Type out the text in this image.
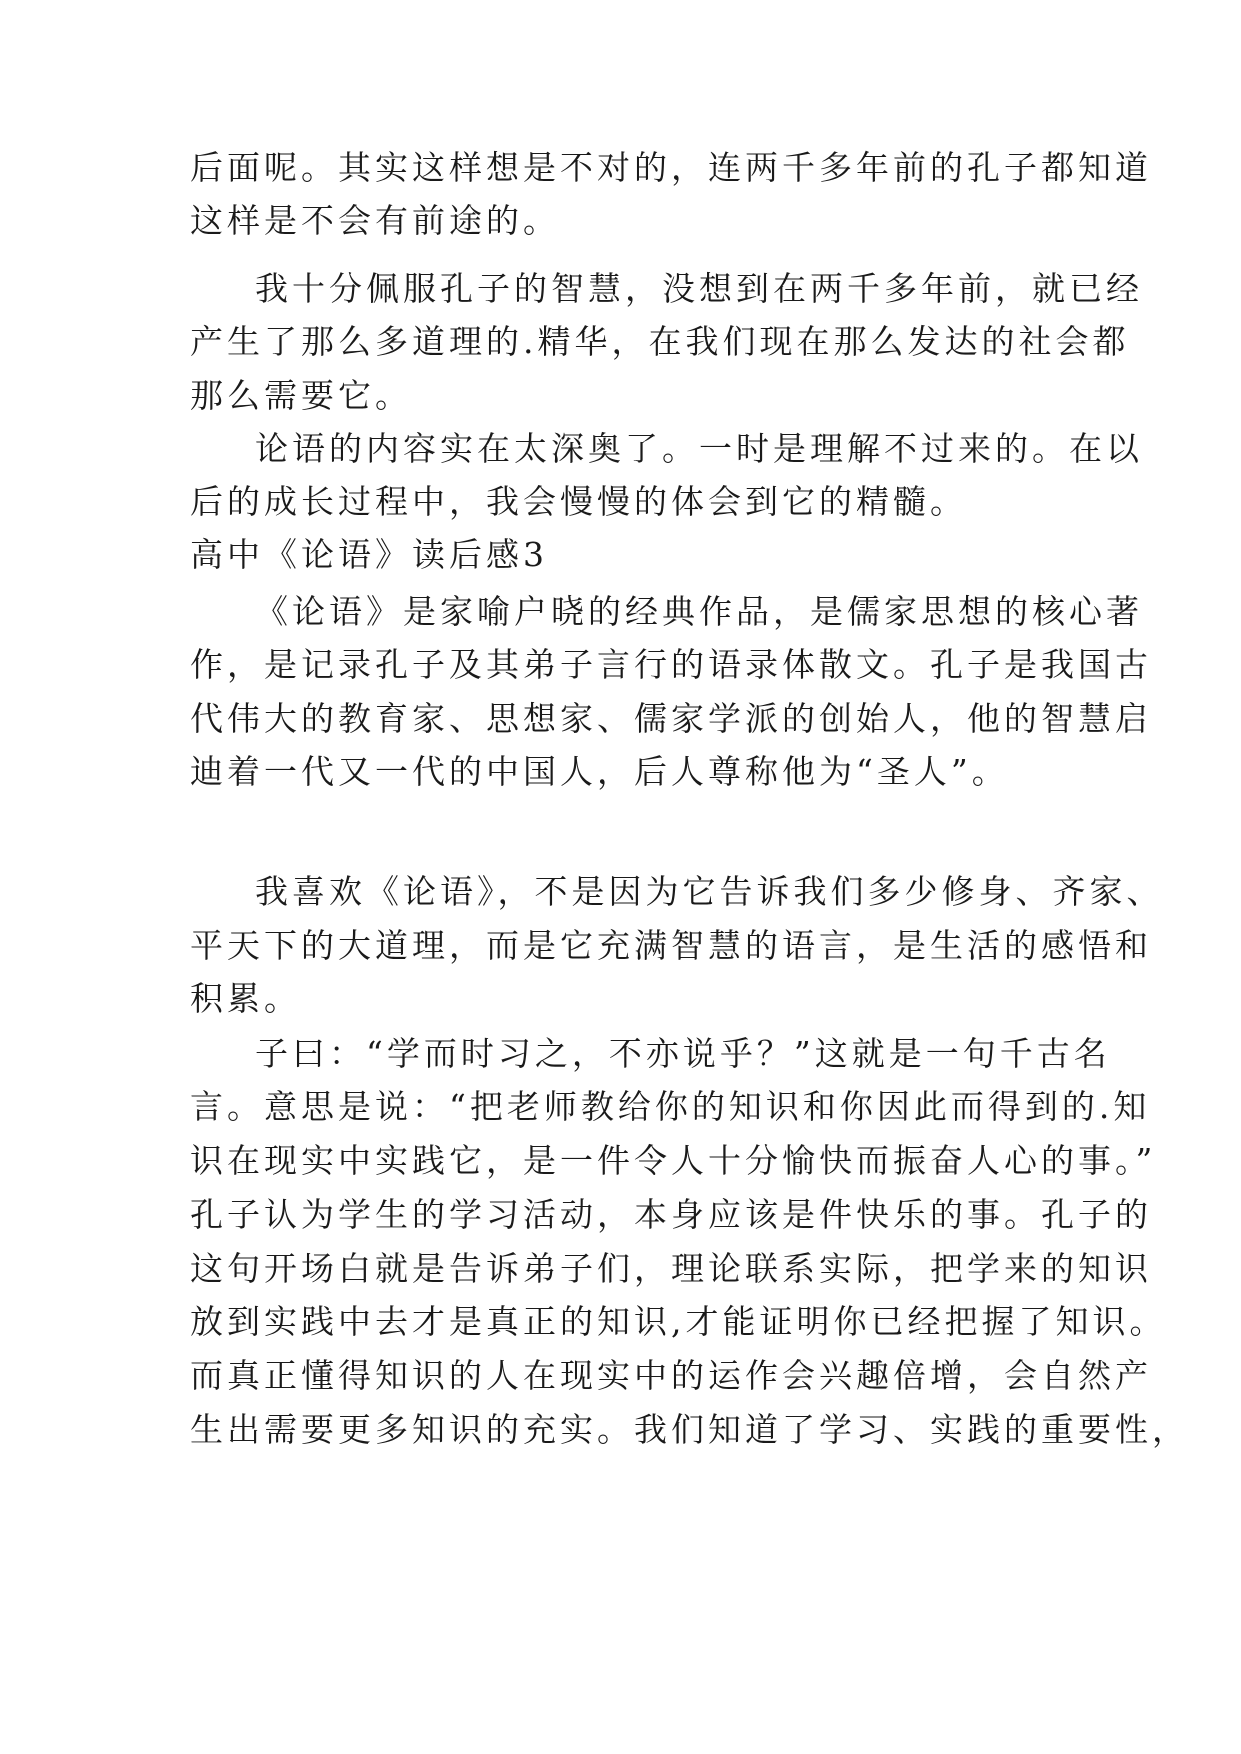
后面呢。其实这样想是不对的，连两千多年前的孔子都知道
这样是不会有前途的。
我十分佩服孔子的智慧，没想到在两千多年前，就已经
产生了那么多道理的.精华，在我们现在那么发达的社会都
那么需要它。
论语的内容实在太深奥了。一时是理解不过来的。在以
后的成长过程中，我会慢慢的体会到它的精髓。
高中《论语》读后感3
《论语》是家喻户晓的经典作品，是儒家思想的核心著
作，是记录孔子及其弟子言行的语录体散文。孔子是我国古
代伟大的教育家、思想家、儒家学派的创始人，他的智慧启
迪着一代又一代的中国人，后人尊称他为“圣人”。
我喜欢《论语》，不是因为它告诉我们多少修身、齐家、
平天下的大道理，而是它充满智慧的语言，是生活的感悟和
积累。
子曰：“学而时习之，不亦说乎？”这就是一句千古名
言。意思是说：“把老师教给你的知识和你因此而得到的.知
识在现实中实践它，是一件令人十分愉快而振奋人心的事。”
孔子认为学生的学习活动，本身应该是件快乐的事。孔子的
这句开场白就是告诉弟子们，理论联系实际，把学来的知识
放到实践中去才是真正的知识,才能证明你已经把握了知识。
而真正懂得知识的人在现实中的运作会兴趣倍增，会自然产
生出需要更多知识的充实。我们知道了学习、实践的重要性，
